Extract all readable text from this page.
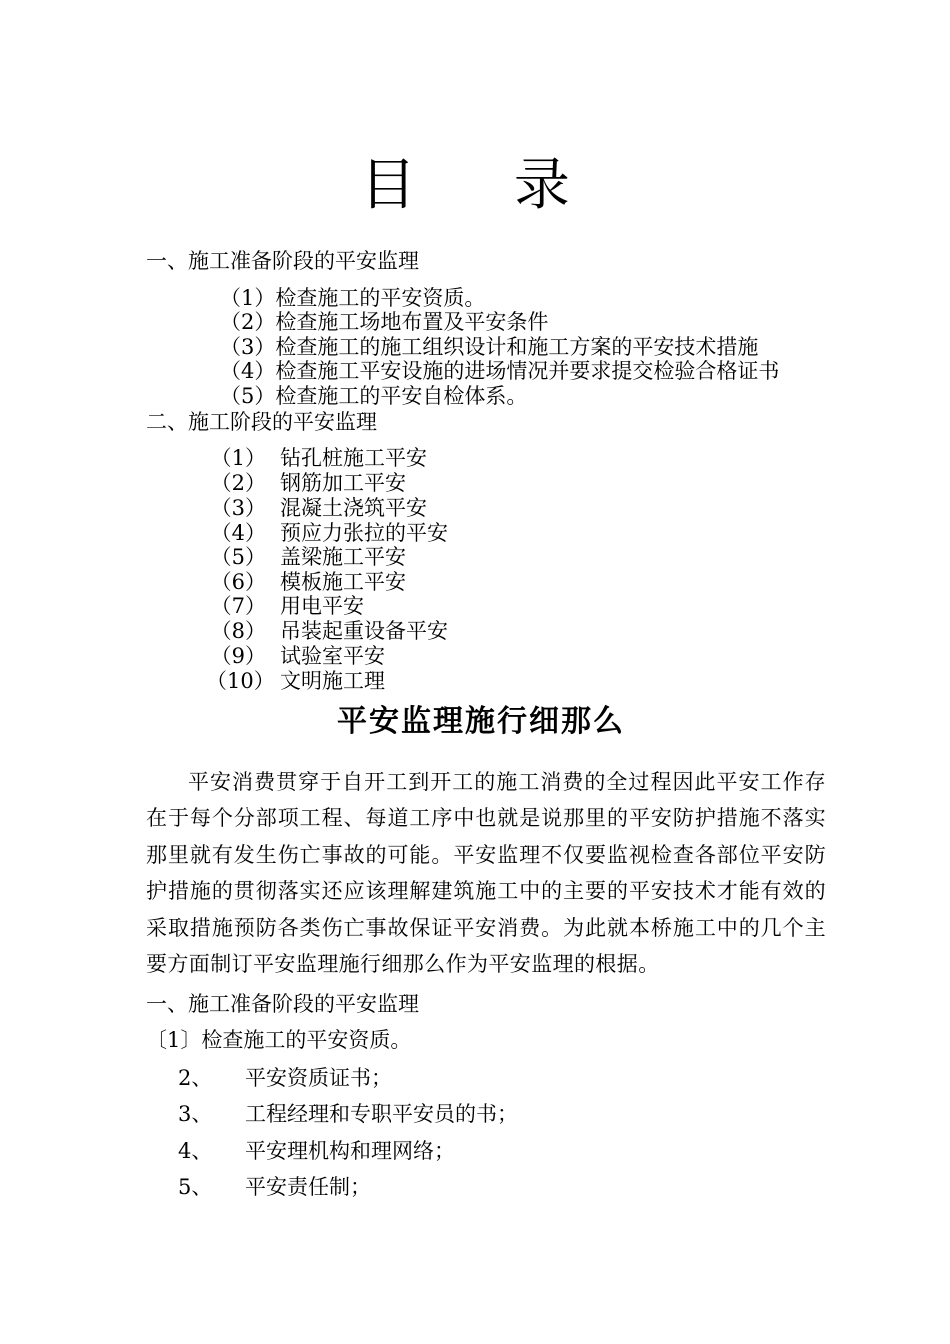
目 录
一、施工准备阶段的平安监理
（1）检查施工的平安资质。
（2）检查施工场地布置及平安条件
（3）检查施工的施工组织设计和施工方案的平安技术措施
（4）检查施工平安设施的进场情况并要求提交检验合格证书
（5）检查施工的平安自检体系。
二、施工阶段的平安监理
（1） 钻孔桩施工平安
（2） 钢筋加工平安
（3） 混凝土浇筑平安
（4） 预应力张拉的平安
（5） 盖梁施工平安
（6） 模板施工平安
（7） 用电平安
（8） 吊装起重设备平安
（9） 试验室平安
（10） 文明施工理
平安监理施行细那么
平安消费贯穿于自开工到开工的施工消费的全过程因此平安工作存在于每个分部项工程、每道工序中也就是说那里的平安防护措施不落实那里就有发生伤亡事故的可能。平安监理不仅要监视检查各部位平安防护措施的贯彻落实还应该理解建筑施工中的主要的平安技术才能有效的采取措施预防各类伤亡事故保证平安消费。为此就本桥施工中的几个主要方面制订平安监理施行细那么作为平安监理的根据。
一、施工准备阶段的平安监理
〔1〕检查施工的平安资质。
2、 平安资质证书；
3、 工程经理和专职平安员的书；
4、 平安理机构和理网络；
5、 平安责任制；
